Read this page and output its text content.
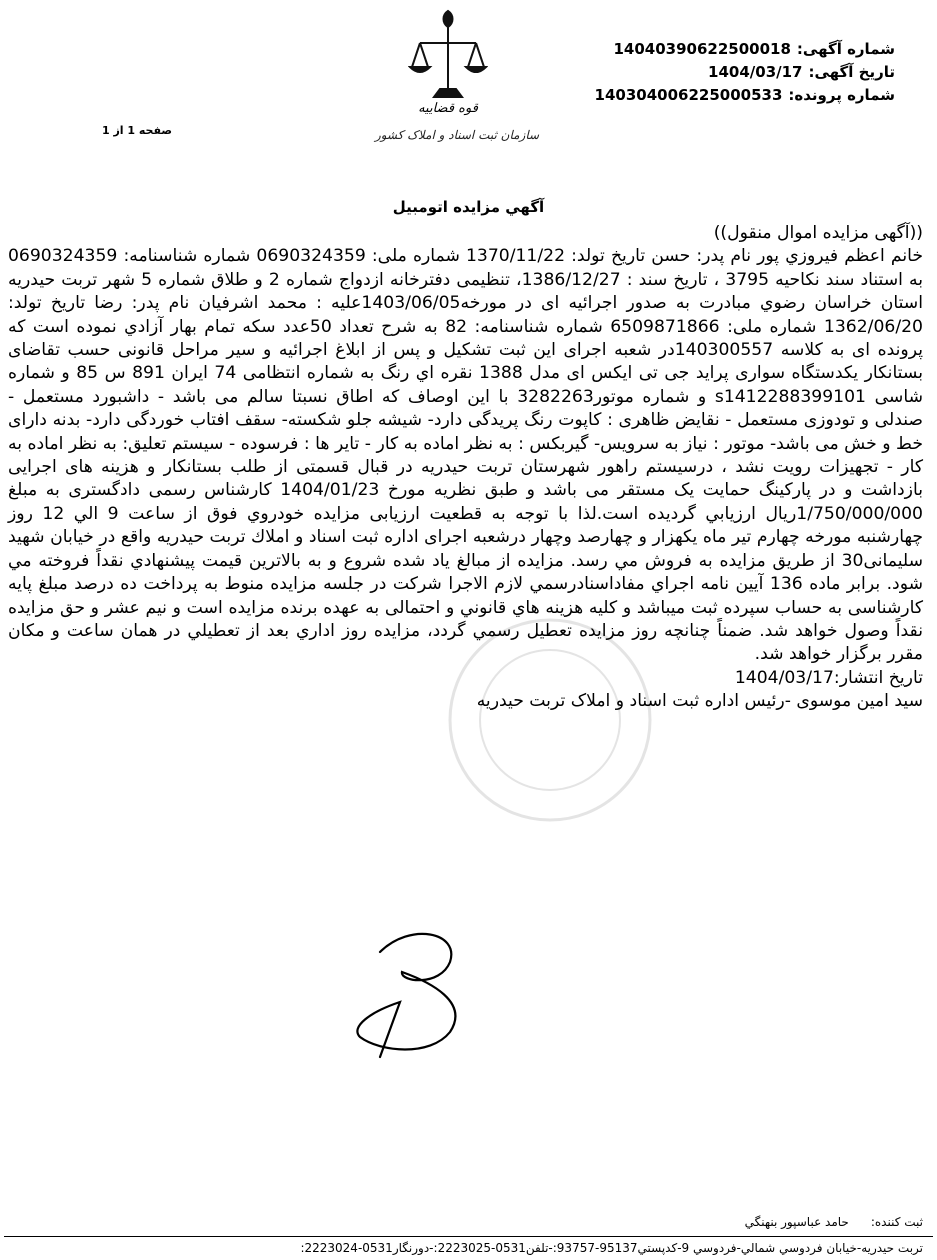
شماره آگهی:14040390622500018
تاریخ آگهی:1404/03/17
شماره پرونده:140304006225000533
قوه قضاییه
سازمان ثبت اسناد و املاک کشور
صفحه 1 از 1
آگهي مزايده اتومبيل

((آگهی مزایده اموال منقول))

خانم اعظم فيروزي پور نام پدر: حسن تاريخ تولد: 1370/11/22 شماره ملی: 0690324359 شماره شناسنامه: 0690324359 به استناد سند نكاحيه 3795 ، تاريخ سند : 1386/12/27، تنظیمی دفترخانه ازدواج شماره 2 و طلاق شماره 5 شهر تربت حيدريه استان خراسان رضوي مبادرت به صدور اجرائيه ای در مورخه1403/06/05عليه : محمد اشرفيان نام پدر: رضا تاريخ تولد: 1362/06/20 شماره ملی: 6509871866 شماره شناسنامه: 82 به شرح تعداد 50عدد سكه تمام بهار آزادي نموده است كه پرونده ای به كلاسه 140300557در شعبه اجرای این ثبت تشكيل و پس از ابلاغ اجرائيه و سير مراحل قانونی حسب تقاضای بستانكار یکدستگاه سواری پراید جی تی ایکس ای مدل 1388 نقره اي رنگ به شماره انتظامی 74 ايران 891 س 85 و شماره شاسی s1412288399101 و شماره موتور3282263 با این اوصاف كه اطاق نسبتا سالم می باشد - داشبورد مستعمل - صندلی و تودوزی مستعمل - نقایض ظاهری : کاپوت رنگ پریدگی دارد- شیشه جلو شکسته- سقف افتاب خوردگی دارد- بدنه دارای خط و خش می باشد- موتور : نیاز به سرویس- گیربکس : به نظر اماده به کار - تایر ها : فرسوده - سیستم تعلیق: به نظر اماده به کار - تجهیزات رویت نشد ، درسیستم راهور شهرستان تربت حیدریه در قبال قسمتی از طلب بستانکار و هزینه های اجرایی بازداشت و در پارکینگ حمایت یک مستقر می باشد و طبق نظریه مورخ 1404/01/23 کارشناس رسمی دادگستری به مبلغ 1/750/000/000ريال ارزيابي گرديده است.لذا با توجه به قطعيت ارزيابی مزايده خودروي فوق از ساعت 9 الي 12 روز چهارشنبه مورخه چهارم تیر ماه یکهزار و چهارصد وچهار درشعبه اجرای اداره ثبت اسناد و املاك تربت حيدريه واقع در خيابان شهيد سليمانی30 از طريق مزايده به فروش مي رسد. مزايده از مبالغ ياد شده شروع و به بالاترين قيمت پيشنهادي نقداً فروخته مي شود. برابر ماده 136 آيين نامه اجراي مفاداسنادرسمي لازم الاجرا شركت در جلسه مزايده منوط به پرداخت ده درصد مبلغ پايه كارشناسی به حساب سپرده ثبت میباشد و كليه هزينه هاي قانوني و احتمالی به عهده برنده مزايده است و نيم عشر و حق مزايده نقداً وصول خواهد شد. ضمناً چنانچه روز مزايده تعطيل رسمي گردد، مزايده روز اداري بعد از تعطيلي در همان ساعت و مكان مقرر برگزار خواهد شد.

تاريخ انتشار:1404/03/17

سید امین موسوی -رئیس اداره ثبت اسناد و املاک تربت حيدريه

ثبت کننده:حامد عباسپور بنهنگي
تربت حيدريه-خيابان فردوسي شمالي-فردوسي 9-كدپستي95137-93757:-تلفن0531-2223025:-دورنگار0531-2223024:
